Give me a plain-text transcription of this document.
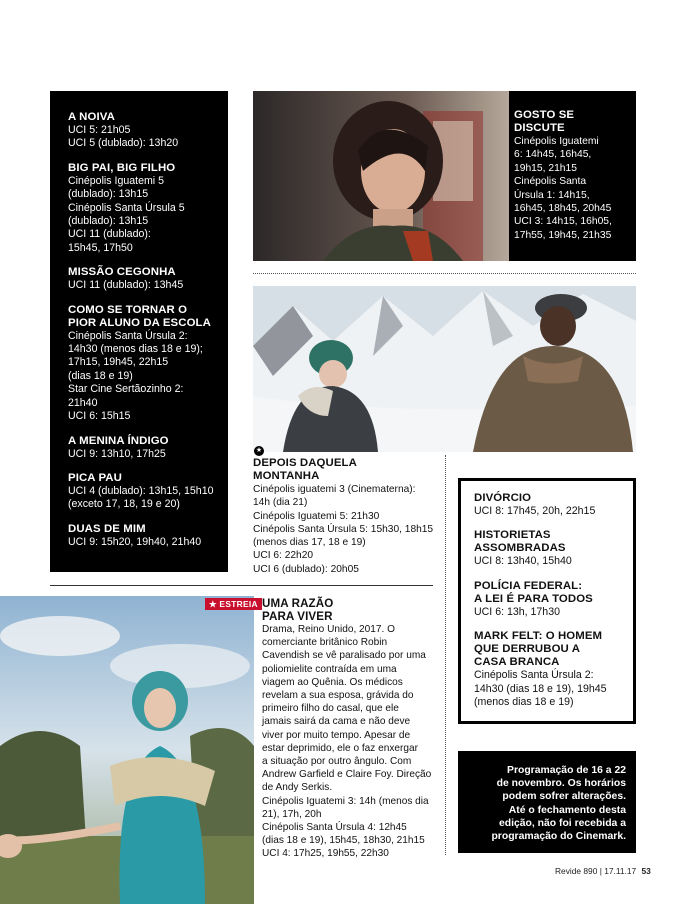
A NOIVA
UCI 5: 21h05
UCI 5 (dublado): 13h20
BIG PAI, BIG FILHO
Cinépolis Iguatemi 5
(dublado): 13h15
Cinépolis Santa Úrsula 5
(dublado): 13h15
UCI 11 (dublado):
15h45, 17h50
MISSÃO CEGONHA
UCI 11 (dublado): 13h45
COMO SE TORNAR O
PIOR ALUNO DA ESCOLA
Cinépolis Santa Úrsula 2:
14h30 (menos dias 18 e 19);
17h15, 19h45, 22h15
(dias 18 e 19)
Star Cine Sertãozinho 2:
21h40
UCI 6: 15h15
A MENINA ÍNDIGO
UCI 9: 13h10, 17h25
PICA PAU
UCI 4 (dublado): 13h15, 15h10
(exceto 17, 18, 19 e 20)
DUAS DE MIM
UCI 9: 15h20, 19h40, 21h40
GOSTO SE
DISCUTE
Cinépolis Iguatemi
6: 14h45, 16h45,
19h15, 21h15
Cinépolis Santa
Úrsula 1: 14h15,
16h45, 18h45, 20h45
UCI 3: 14h15, 16h05,
17h55, 19h45, 21h35
DEPOIS DAQUELA
MONTANHA
Cinépolis iguatemi 3 (Cinematerna):
14h (dia 21)
Cinépolis Iguatemi 5: 21h30
Cinépolis Santa Úrsula 5: 15h30, 18h15
(menos dias 17, 18 e 19)
UCI 6: 22h20
UCI 6 (dublado): 20h05
★
DIVÓRCIO
UCI 8: 17h45, 20h, 22h15
HISTORIETAS
ASSOMBRADAS
UCI 8: 13h40, 15h40
POLÍCIA FEDERAL:
A LEI É PARA TODOS
UCI 6: 13h, 17h30
MARK FELT: O HOMEM
QUE DERRUBOU A
CASA BRANCA
Cinépolis Santa Úrsula 2:
14h30 (dias 18 e 19), 19h45
(menos dias 18 e 19)
Programação de 16 a 22
de novembro. Os horários
podem sofrer alterações.
Até o fechamento desta
edição, não foi recebida a
programação do Cinemark.
★ ESTREIA UMA RAZÃO
PARA VIVER
Drama, Reino Unido, 2017. O
comerciante britânico Robin
Cavendish se vê paralisado por uma
poliomielite contraída em uma
viagem ao Quênia. Os médicos
revelam a sua esposa, grávida do
primeiro filho do casal, que ele
jamais sairá da cama e não deve
viver por muito tempo. Apesar de
estar deprimido, ele o faz enxergar
a situação por outro ângulo. Com
Andrew Garfield e Claire Foy. Direção
de Andy Serkis.
Cinépolis Iguatemi 3: 14h (menos dia
21), 17h, 20h
Cinépolis Santa Úrsula 4: 12h45
(dias 18 e 19), 15h45, 18h30, 21h15
UCI 4: 17h25, 19h55, 22h30
Revide 890 | 17.11.17 53
